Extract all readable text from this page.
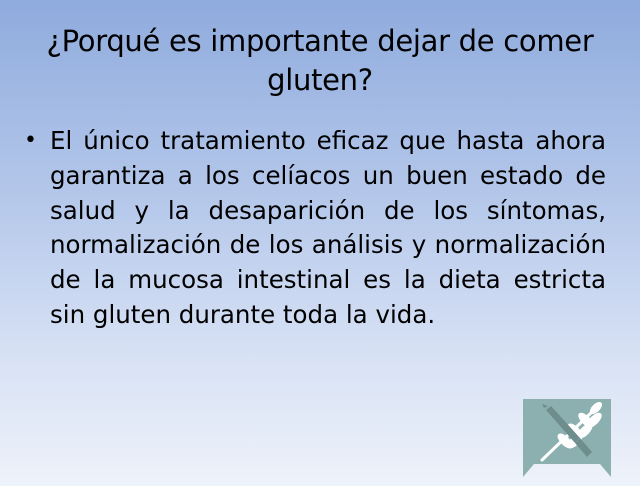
¿Porqué es importante dejar de comer gluten?
• El único tratamiento eficaz que hasta ahora garantiza a los celíacos un buen estado de salud y la desaparición de los síntomas, normalización de los análisis y normalización de la mucosa intestinal es la dieta estricta sin gluten durante toda la vida.
